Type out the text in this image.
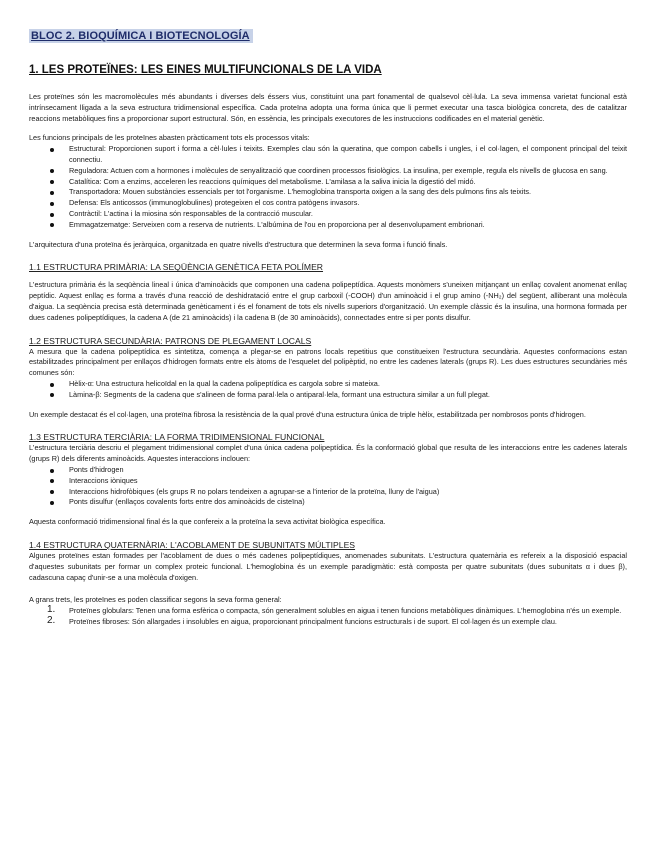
BLOC 2. BIOQUÍMICA I BIOTECNOLOGÍA
1. LES PROTEÏNES: LES EINES MULTIFUNCIONALS DE LA VIDA

Les proteïnes són les macromolècules més abundants i diverses dels éssers vius, constituint una part fonamental de qualsevol cèl·lula. La seva immensa varietat funcional està intrínsecament lligada a la seva estructura tridimensional específica. Cada proteïna adopta una forma única que li permet executar una tasca biològica concreta, des de catalitzar reaccions metabòliques fins a proporcionar suport estructural. Són, en essència, les principals executores de les instruccions codificades en el material genètic.

Les funcions principals de les proteïnes abasten pràcticament tots els processos vitals:

Estructural: Proporcionen suport i forma a cèl·lules i teixits. Exemples clau són la queratina, que compon cabells i ungles, i el col·lagen, el component principal del teixit connectiu.
Reguladora: Actuen com a hormones i molècules de senyalització que coordinen processos fisiològics. La insulina, per exemple, regula els nivells de glucosa en sang.
Catalítica: Com a enzims, acceleren les reaccions químiques del metabolisme. L'amilasa a la saliva inicia la digestió del midó.
Transportadora: Mouen substàncies essencials per tot l'organisme. L'hemoglobina transporta oxigen a la sang des dels pulmons fins als teixits.
Defensa: Els anticossos (immunoglobulines) protegeixen el cos contra patògens invasors.
Contràctil: L'actina i la miosina són responsables de la contracció muscular.
Emmagatzematge: Serveixen com a reserva de nutrients. L'albúmina de l'ou en proporciona per al desenvolupament embrionari.

L'arquitectura d'una proteïna és jeràrquica, organitzada en quatre nivells d'estructura que determinen la seva forma i funció finals.

1.1 ESTRUCTURA PRIMÀRIA: LA SEQÜÈNCIA GENÈTICA FETA POLÍMER

L'estructura primària és la seqüència lineal i única d'aminoàcids que componen una cadena polipeptídica. Aquests monòmers s'uneixen mitjançant un enllaç covalent anomenat enllaç peptídic. Aquest enllaç es forma a través d'una reacció de deshidratació entre el grup carboxil (-COOH) d'un aminoàcid i el grup amino (-NH₂) del següent, alliberant una molècula d'aigua. La seqüència precisa està determinada genèticament i és el fonament de tots els nivells superiors d'organització. Un exemple clàssic és la insulina, una hormona formada per dues cadenes polipeptídiques, la cadena A (de 21 aminoàcids) i la cadena B (de 30 aminoàcids), connectades entre si per ponts disulfur.

1.2 ESTRUCTURA SECUNDÀRIA: PATRONS DE PLEGAMENT LOCALS

A mesura que la cadena polipeptídica es sintetitza, comença a plegar-se en patrons locals repetitius que constitueixen l'estructura secundària. Aquestes conformacions estan estabilitzades principalment per enllaços d'hidrogen formats entre els àtoms de l'esquelet del polipèptid, no entre les cadenes laterals (grups R). Les dues estructures secundàries més comunes són:

Hèlix-α: Una estructura helicoïdal en la qual la cadena polipeptídica es cargola sobre si mateixa.
Làmina-β: Segments de la cadena que s'alineen de forma paral·lela o antiparal·lela, formant una estructura similar a un full plegat.

Un exemple destacat és el col·lagen, una proteïna fibrosa la resistència de la qual prové d'una estructura única de triple hèlix, estabilitzada per nombrosos ponts d'hidrogen.

1.3 ESTRUCTURA TERCIÀRIA: LA FORMA TRIDIMENSIONAL FUNCIONAL

L'estructura terciària descriu el plegament tridimensional complet d'una única cadena polipeptídica. És la conformació global que resulta de les interaccions entre les cadenes laterals (grups R) dels diferents aminoàcids. Aquestes interaccions inclouen:

Ponts d'hidrogen
Interaccions iòniques
Interaccions hidrofòbiques (els grups R no polars tendeixen a agrupar-se a l'interior de la proteïna, lluny de l'aigua)
Ponts disulfur (enllaços covalents forts entre dos aminoàcids de cisteïna)

Aquesta conformació tridimensional final és la que confereix a la proteïna la seva activitat biològica específica.

1.4 ESTRUCTURA QUATERNÀRIA: L'ACOBLAMENT DE SUBUNITATS MÚLTIPLES

Algunes proteïnes estan formades per l'acoblament de dues o més cadenes polipeptídiques, anomenades subunitats. L'estructura quaternària es refereix a la disposició espacial d'aquestes subunitats per formar un complex proteic funcional. L'hemoglobina és un exemple paradigmàtic: està composta per quatre subunitats (dues subunitats α i dues β), cadascuna capaç d'unir-se a una molècula d'oxigen.

A grans trets, les proteïnes es poden classificar segons la seva forma general:

1. Proteïnes globulars: Tenen una forma esfèrica o compacta, són generalment solubles en aigua i tenen funcions metabòliques dinàmiques. L'hemoglobina n'és un exemple.
2. Proteïnes fibroses: Són allargades i insolubles en aigua, proporcionant principalment funcions estructurals i de suport. El col·lagen és un exemple clau.
